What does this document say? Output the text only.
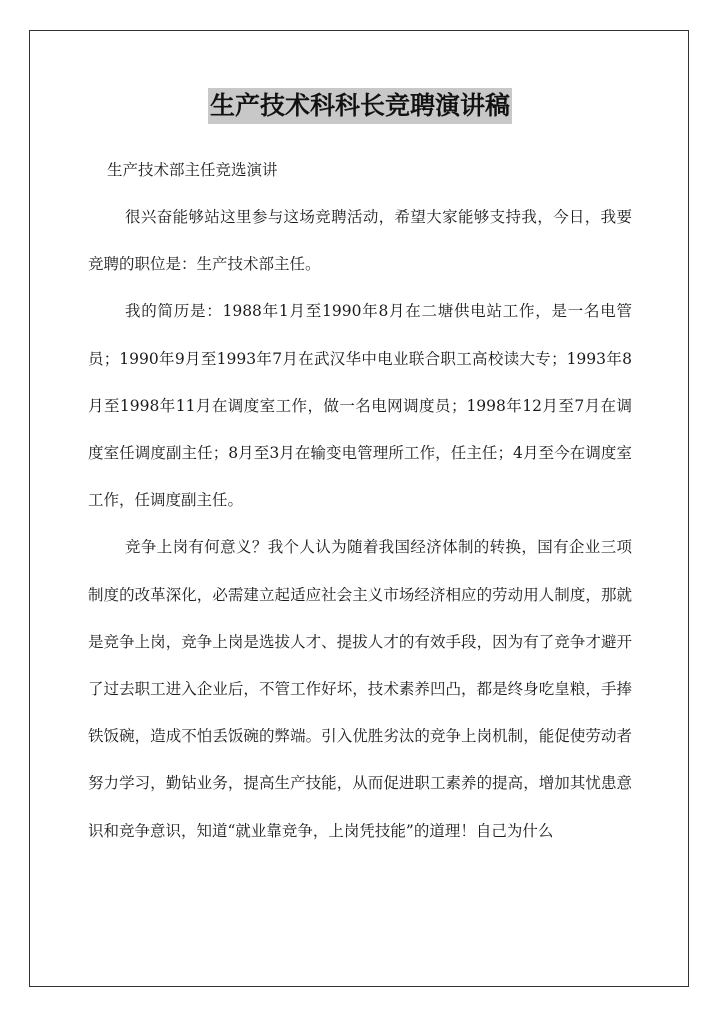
生产技术科科长竞聘演讲稿
生产技术部主任竞选演讲

很兴奋能够站这里参与这场竞聘活动，希望大家能够支持我，今日，我要竞聘的职位是：生产技术部主任。

我的简历是：1988年1月至1990年8月在二塘供电站工作，是一名电管员；1990年9月至1993年7月在武汉华中电业联合职工高校读大专；1993年8月至1998年11月在调度室工作，做一名电网调度员；1998年12月至7月在调度室任调度副主任；8月至3月在输变电管理所工作，任主任；4月至今在调度室工作，任调度副主任。

竞争上岗有何意义？我个人认为随着我国经济体制的转换，国有企业三项制度的改革深化，必需建立起适应社会主义市场经济相应的劳动用人制度，那就是竞争上岗，竞争上岗是选拔人才、提拔人才的有效手段，因为有了竞争才避开了过去职工进入企业后，不管工作好坏，技术素养凹凸，都是终身吃皇粮，手捧铁饭碗，造成不怕丢饭碗的弊端。引入优胜劣汰的竞争上岗机制，能促使劳动者努力学习，勤钻业务，提高生产技能，从而促进职工素养的提高，增加其忧患意识和竞争意识，知道“就业靠竞争，上岗凭技能”的道理！自己为什么
